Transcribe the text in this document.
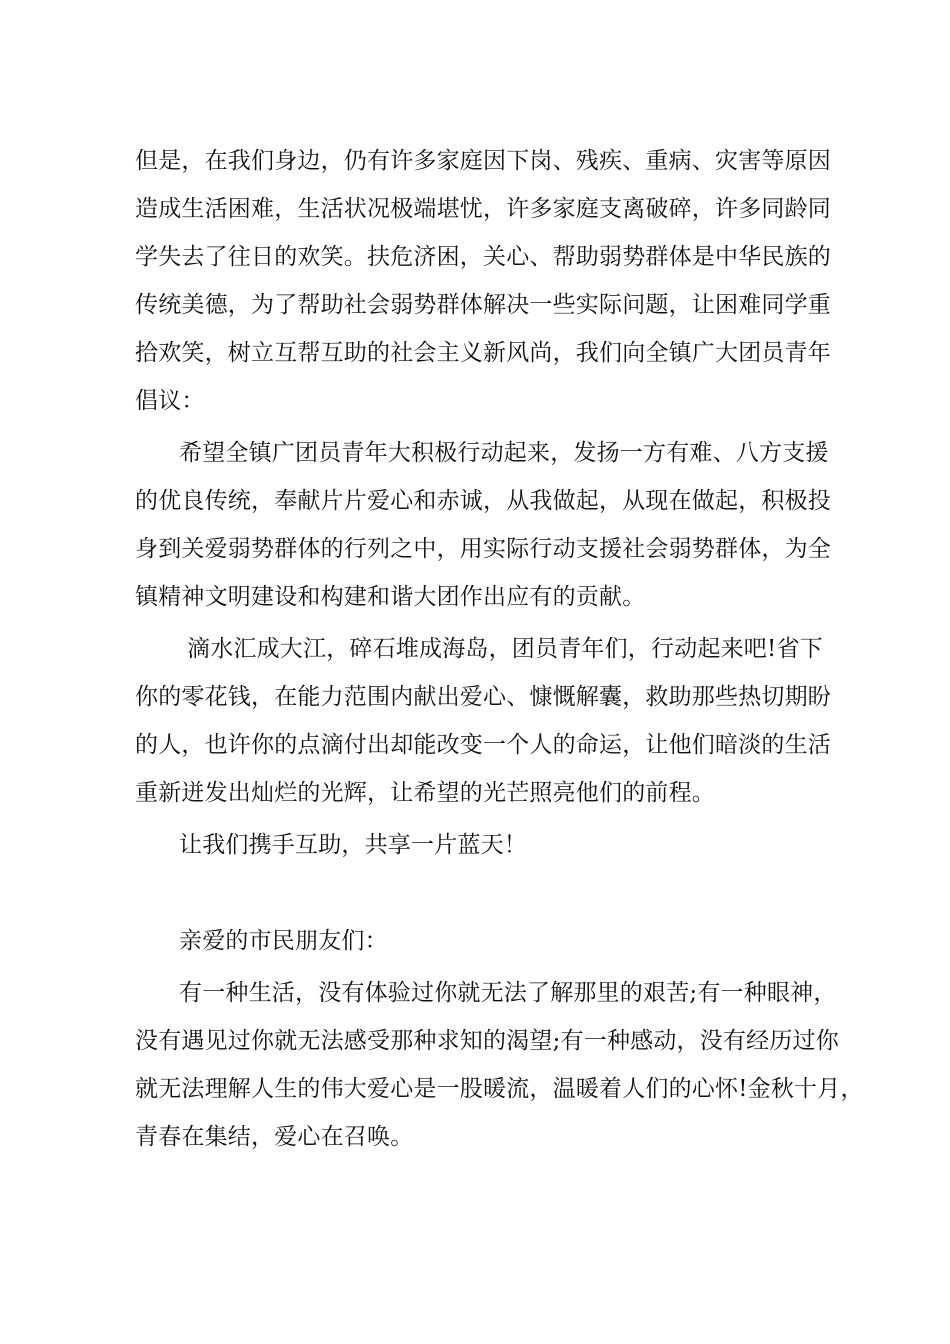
但是，在我们身边，仍有许多家庭因下岗、残疾、重病、灾害等原因
造成生活困难，生活状况极端堪忧，许多家庭支离破碎，许多同龄同
学失去了往日的欢笑。扶危济困，关心、帮助弱势群体是中华民族的
传统美德，为了帮助社会弱势群体解决一些实际问题，让困难同学重
拾欢笑，树立互帮互助的社会主义新风尚，我们向全镇广大团员青年
倡议：
希望全镇广团员青年大积极行动起来，发扬一方有难、八方支援
的优良传统，奉献片片爱心和赤诚，从我做起，从现在做起，积极投
身到关爱弱势群体的行列之中，用实际行动支援社会弱势群体，为全
镇精神文明建设和构建和谐大团作出应有的贡献。
滴水汇成大江，碎石堆成海岛，团员青年们，行动起来吧!省下
你的零花钱，在能力范围内献出爱心、慷慨解囊，救助那些热切期盼
的人，也许你的点滴付出却能改变一个人的命运，让他们暗淡的生活
重新迸发出灿烂的光辉，让希望的光芒照亮他们的前程。
让我们携手互助，共享一片蓝天！
亲爱的市民朋友们：
有一种生活，没有体验过你就无法了解那里的艰苦;有一种眼神，
没有遇见过你就无法感受那种求知的渴望;有一种感动，没有经历过你
就无法理解人生的伟大爱心是一股暖流，温暖着人们的心怀!金秋十月，
青春在集结，爱心在召唤。
